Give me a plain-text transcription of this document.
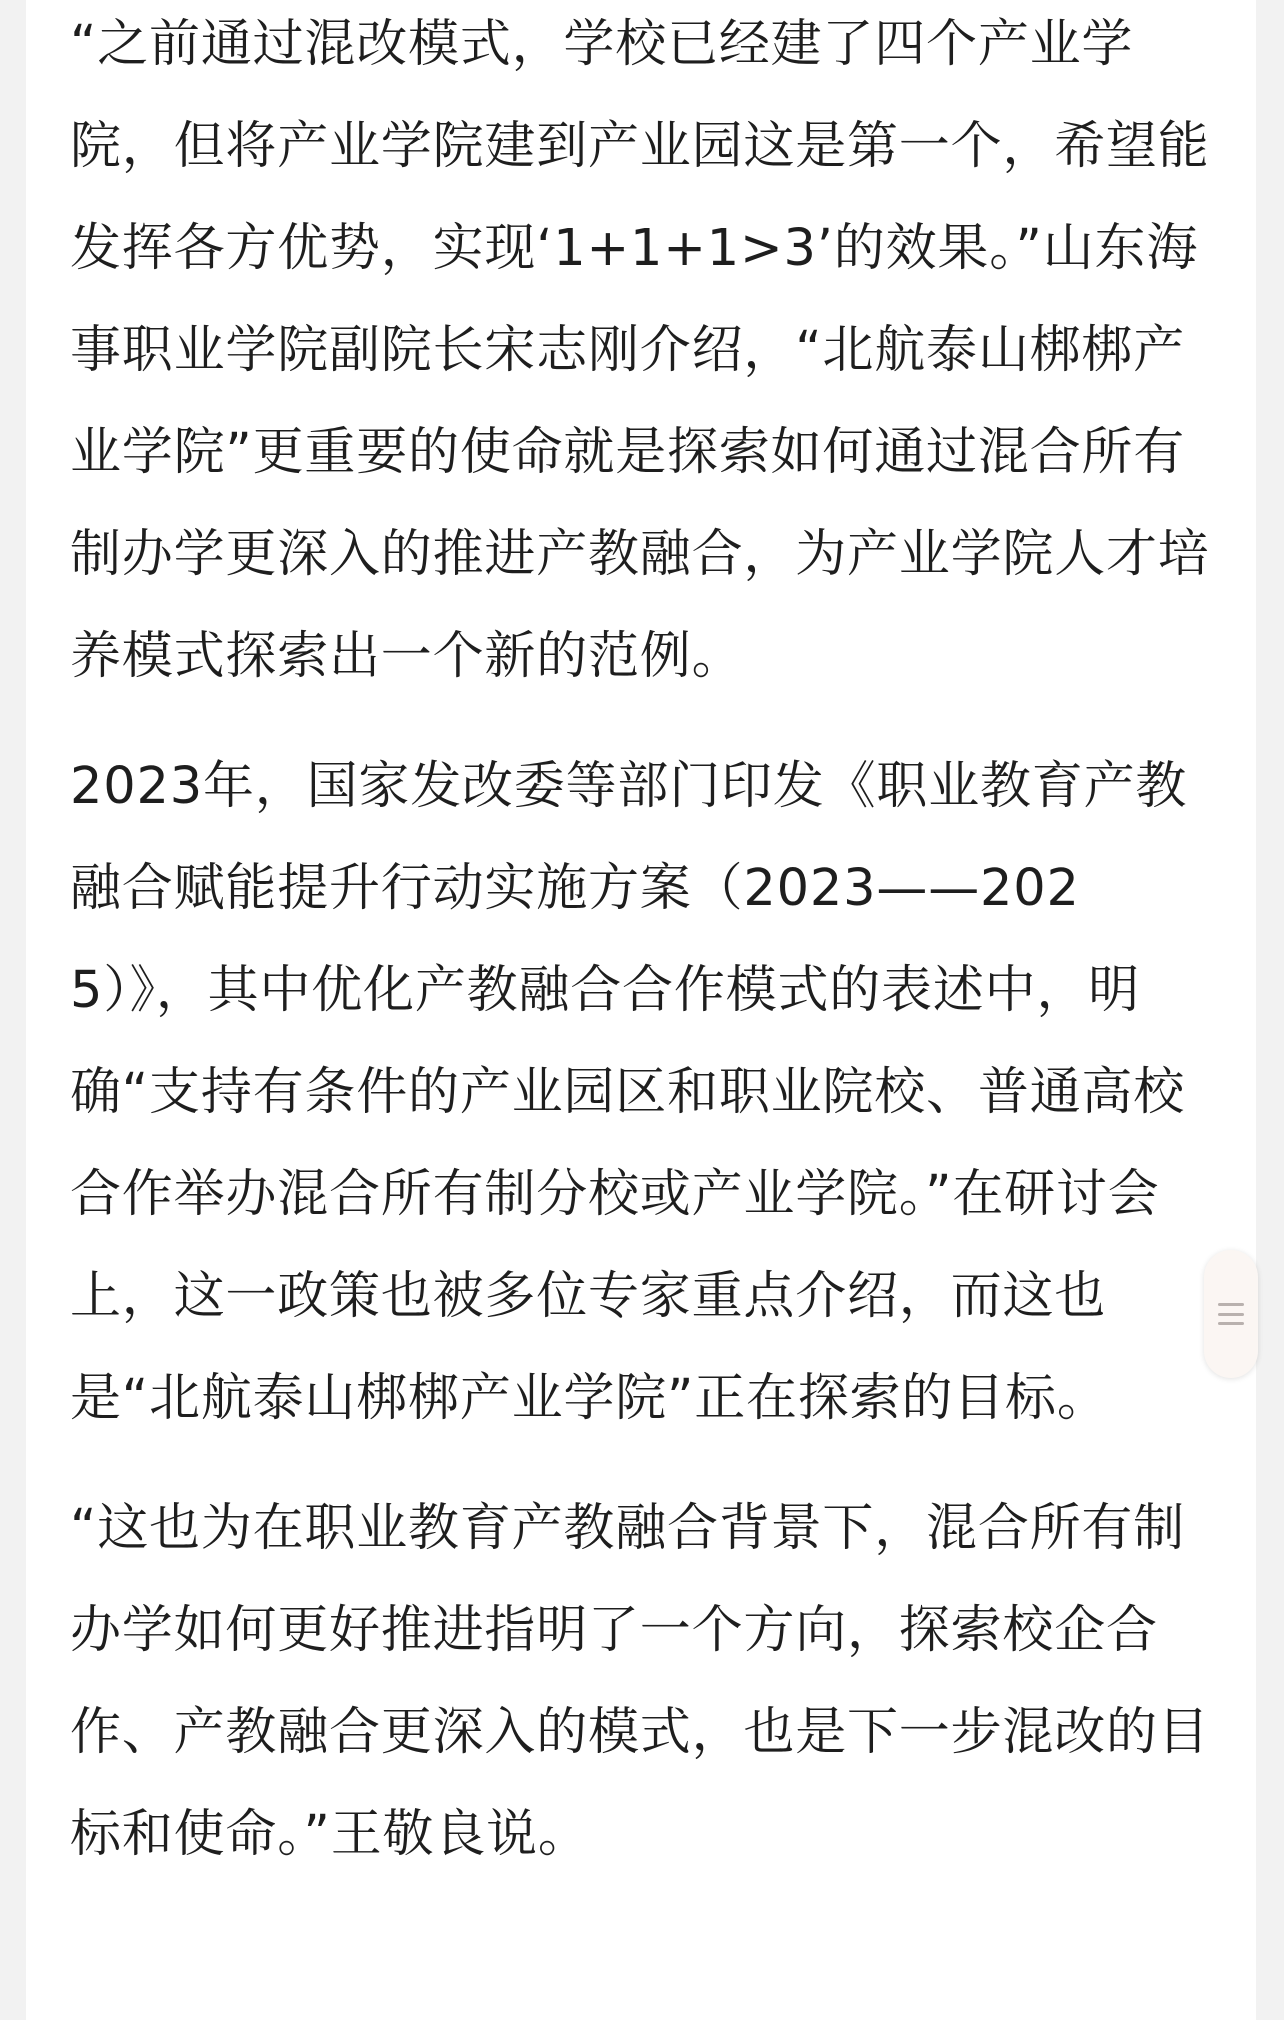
“之前通过混改模式，学校已经建了四个产业学院，但将产业学院建到产业园这是第一个，希望能发挥各方优势，实现‘1+1+1>3’的效果。”山东海事职业学院副院长宋志刚介绍，“北航泰山梆梆产业学院”更重要的使命就是探索如何通过混合所有制办学更深入的推进产教融合，为产业学院人才培养模式探索出一个新的范例。

2023年，国家发改委等部门印发《职业教育产教融合赋能提升行动实施方案（2023——2025）》，其中优化产教融合合作模式的表述中，明确“支持有条件的产业园区和职业院校、普通高校合作举办混合所有制分校或产业学院。”在研讨会上，这一政策也被多位专家重点介绍，而这也是“北航泰山梆梆产业学院”正在探索的目标。

“这也为在职业教育产教融合背景下，混合所有制办学如何更好推进指明了一个方向，探索校企合作、产教融合更深入的模式，也是下一步混改的目标和使命。”王敬良说。
